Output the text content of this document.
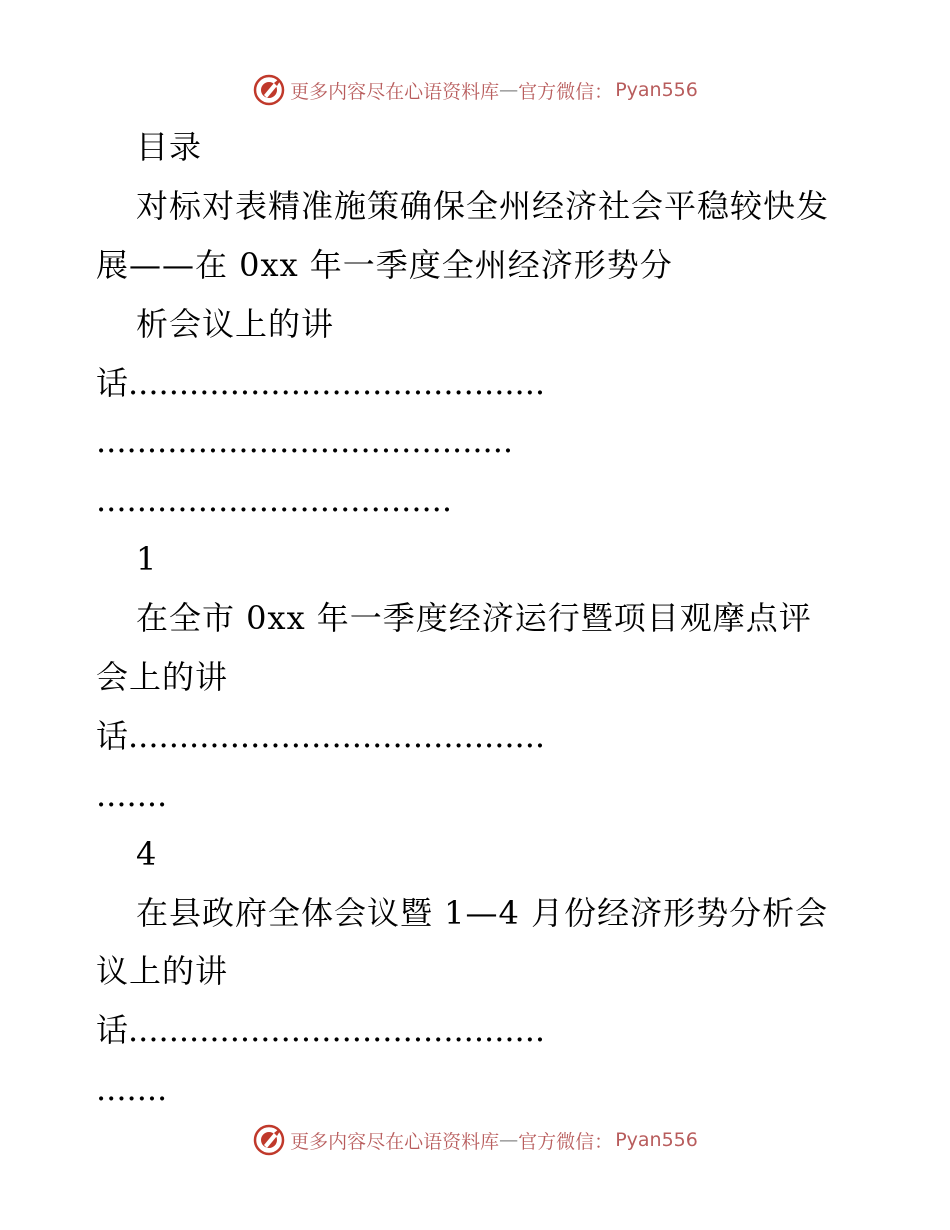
更多内容尽在心语资料库 — 官方微信： Pyan556
目录
对标对表精准施策确保全州经济社会平稳较快发
展——在 0xx 年一季度全州经济形势分
析会议上的讲
话.........................................
.........................................
...................................
1
在全市 0xx 年一季度经济运行暨项目观摩点评
会上的讲
话.........................................
.......
4
在县政府全体会议暨 1—4 月份经济形势分析会
议上的讲
话.........................................
.......
更多内容尽在心语资料库 — 官方微信： Pyan556
